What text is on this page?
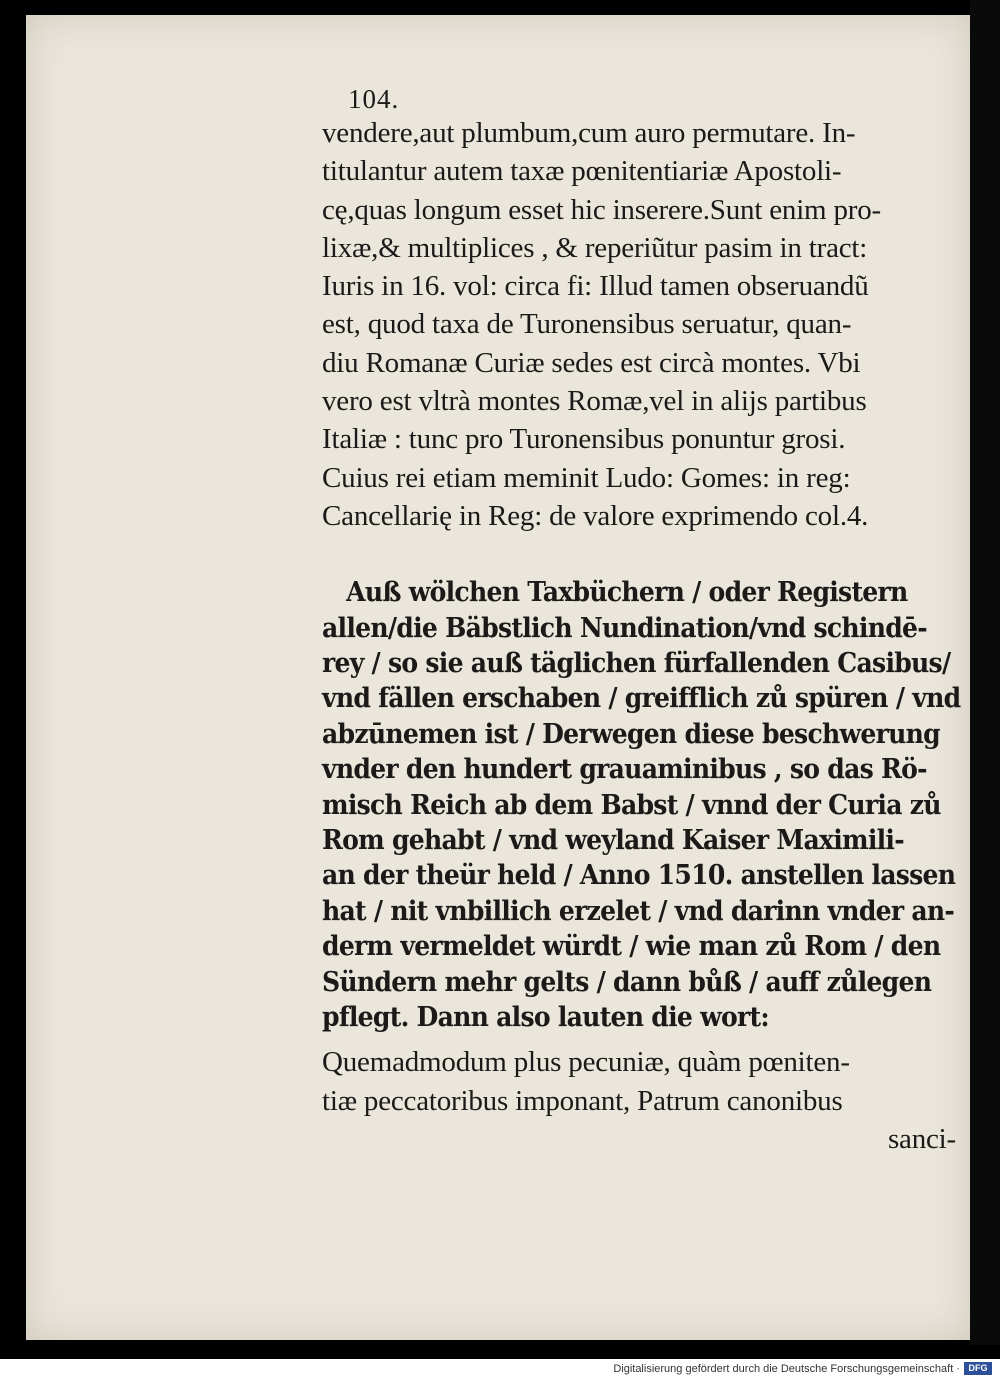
104.
vendere,aut plumbum,cum auro permutare. In-
titulantur autem taxæ pœnitentiariæ Apostoli-
cę,quas longum esset hic inserere.Sunt enim pro-
lixæ,& multiplices , & reperiũtur pasim in tract:
Iuris in 16. vol: circa fi: Illud tamen obseruandũ
est, quod taxa de Turonensibus seruatur, quan-
diu Romanæ Curiæ sedes est circà montes. Vbi
vero est vltrà montes Romæ,vel in alijs partibus
Italiæ : tunc pro Turonensibus ponuntur grosi.
Cuius rei etiam meminit Ludo: Gomes: in reg:
Cancellarię in Reg: de valore exprimendo col.4.
Auß wölchen Taxbüchern / oder Registern
allen/die Bäbstlich Nundination/vnd schindē-
rey / so sie auß täglichen fürfallenden Casibus/
vnd fällen erschaben / greifflich zů spüren / vnd
abzūnemen ist / Derwegen diese beschwerung
vnder den hundert grauaminibus , so das Rö-
misch Reich ab dem Babst / vnnd der Curia zů
Rom gehabt / vnd weyland Kaiser Maximili-
an der theür held / Anno 1510. anstellen lassen
hat / nit vnbillich erzelet / vnd darinn vnder an-
derm vermeldet würdt / wie man zů Rom / den
Sündern mehr gelts / dann bůß / auff zůlegen
pflegt. Dann also lauten die wort:
Quemadmodum plus pecuniæ, quàm pœniten-
tiæ peccatoribus imponant, Patrum canonibus
sanci-
Digitalisierung gefördert durch die Deutsche Forschungsgemeinschaft · DFG
